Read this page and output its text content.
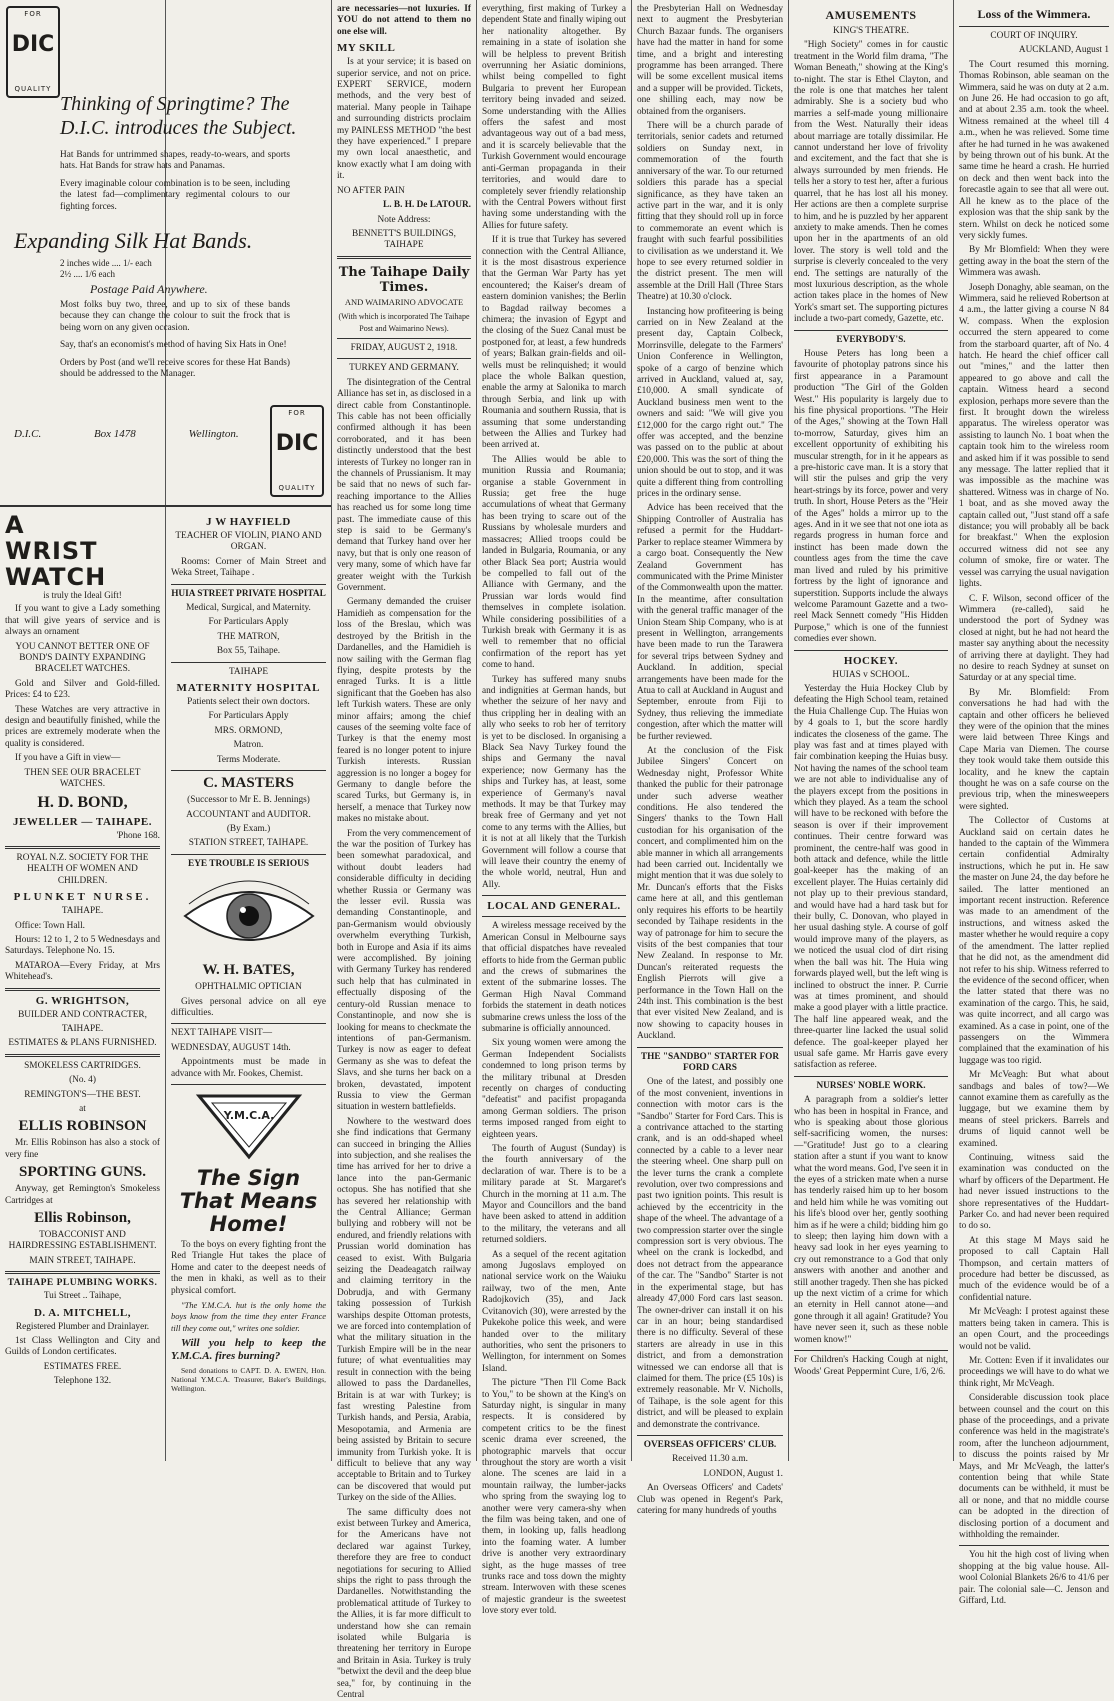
FOR
DIC
QUALITY
FOR
DIC
QUALITY
Thinking of Springtime? The D.I.C. introduces the Subject.

Hat Bands for untrimmed shapes, ready-to-wears, and sports hats. Hat Bands for straw hats and Panamas.

Every imaginable colour combination is to be seen, including the latest fad—complimentary regimental colours to our fighting forces.

Expanding Silk Hat Bands.
2 inches wide .... 1/- each
2½ .... 1/6 each
Postage Paid Anywhere.

Most folks buy two, three, and up to six of these bands because they can change the colour to suit the frock that is being worn on any given occasion.

Say, that's an economist's method of having Six Hats in One!

Orders by Post (and we'll receive scores for these Hat Bands) should be addressed to the Manager.

D.I.C.	Box 1478	Wellington.
A
WRIST
WATCH

is truly the Ideal Gift!

If you want to give a Lady something that will give years of service and is always an ornament

YOU CANNOT BETTER ONE OF BOND'S DAINTY EXPANDING BRACELET WATCHES.

Gold and Silver and Gold-filled. Prices: £4 to £23.

These Watches are very attractive in design and beautifully finished, while the prices are extremely moderate when the quality is considered.

If you have a Gift in view—

THEN SEE OUR BRACELET WATCHES.

H. D. BOND,
JEWELLER — TAIHAPE.

'Phone 168.

ROYAL N.Z. SOCIETY FOR THE HEALTH OF WOMEN AND CHILDREN.

PLUNKET NURSE.

TAIHAPE.

Office: Town Hall.

Hours: 12 to 1, 2 to 5 Wednesdays and Saturdays. Telephone No. 15.

MATAROA—Every Friday, at Mrs Whitehead's.

G. WRIGHTSON,

BUILDER AND CONTRACTER,

TAIHAPE.

ESTIMATES & PLANS FURNISHED.

SMOKELESS CARTRIDGES.

(No. 4)

REMINGTON'S—THE BEST.

at

ELLIS ROBINSON

Mr. Ellis Robinson has also a stock of very fine

SPORTING GUNS.

Anyway, get Remington's Smokeless Cartridges at

Ellis Robinson,

TOBACCONIST AND HAIRDRESSING ESTABLISHMENT.

MAIN STREET, TAIHAPE.

TAIHAPE PLUMBING WORKS.

Tui Street .. Taihape,

D. A. MITCHELL,

Registered Plumber and Drainlayer.

1st Class Wellington and City and Guilds of London certificates.

ESTIMATES FREE.

Telephone 132.

J W HAYFIELD

TEACHER OF VIOLIN, PIANO AND ORGAN.

Rooms: Corner of Main Street and Weka Street, Taihape .

HUIA STREET PRIVATE HOSPITAL

Medical, Surgical, and Maternity.

For Particulars Apply

THE MATRON,

Box 55, Taihape.

TAIHAPE

MATERNITY HOSPITAL

Patients select their own doctors.

For Particulars Apply

MRS. ORMOND,

Matron.

Terms Moderate.

C. MASTERS

(Successor to Mr E. B. Jennings)

ACCOUNTANT and AUDITOR.

(By Exam.)

STATION STREET, TAIHAPE.

EYE TROUBLE IS SERIOUS

W. H. BATES,

OPHTHALMIC OPTICIAN

Gives personal advice on all eye difficulties.

NEXT TAIHAPE VISIT—

WEDNESDAY, AUGUST 14th.

Appointments must be made in advance with Mr. Fookes, Chemist.

Y.M.C.A.
The Sign That Means Home!

To the boys on every fighting front the Red Triangle Hut takes the place of Home and cater to the deepest needs of the men in khaki, as well as to their physical comfort.

"The Y.M.C.A. hut is the only home the boys know from the time they enter France till they come out," writes one soldier.

Will you help to keep the Y.M.C.A. fires burning?

Send donations to CAPT. D. A. EWEN, Hon. National Y.M.C.A. Treasurer, Baker's Buildings, Wellington.

are necessaries—not luxuries. If YOU do not attend to them no one else will.

MY SKILL

Is at your service; it is based on superior service, and not on price. EXPERT SERVICE, modern methods, and the very best of material. Many people in Taihape and surrounding districts proclaim my PAINLESS METHOD "the best they have experienced." I prepare my own local anaesthetic, and know exactly what I am doing with it.

NO AFTER PAIN

L. B. H. De LATOUR.

Note Address:

BENNETT'S BUILDINGS, TAIHAPE

The Taihape Daily Times.

AND WAIMARINO ADVOCATE

(With which is incorporated The Taihape Post and Waimarino News).

FRIDAY, AUGUST 2, 1918.

TURKEY AND GERMANY.

The disintegration of the Central Alliance has set in, as disclosed in a direct cable from Constantinople. This cable has not been officially confirmed although it has been corroborated, and it has been distinctly understood that the best interests of Turkey no longer ran in the channels of Prussianism. It may be said that no news of such far-reaching importance to the Allies has reached us for some long time past. The immediate cause of this step is said to be Germany's demand that Turkey hand over her navy, but that is only one reason of very many, some of which have far greater weight with the Turkish Government.

Germany demanded the cruiser Hamidieh as compensation for the loss of the Breslau, which was destroyed by the British in the Dardanelles, and the Hamidieh is now sailing with the German flag flying, despite protests by the enraged Turks. It is a little significant that the Goeben has also left Turkish waters. These are only minor affairs; among the chief causes of the seeming volte face of Turkey is that the enemy most feared is no longer potent to injure Turkish interests. Russian aggression is no longer a bogey for Germany to dangle before the scared Turks, but Germany is, in herself, a menace that Turkey now makes no mistake about.

From the very commencement of the war the position of Turkey has been somewhat paradoxical, and without doubt leaders had considerable difficulty in deciding whether Russia or Germany was the lesser evil. Russia was demanding Constantinople, and pan-Germanism would obviously overwhelm everything Turkish, both in Europe and Asia if its aims were accomplished. By joining with Germany Turkey has rendered such help that has culminated in effectually disposing of the century-old Russian menace to Constantinople, and now she is looking for means to checkmate the intentions of pan-Germanism. Turkey is now as eager to defeat Germany as she was to defeat the Slavs, and she turns her back on a broken, devastated, impotent Russia to view the German situation in western battlefields.

Nowhere to the westward does she find indications that Germany can succeed in bringing the Allies into subjection, and she realises the time has arrived for her to drive a lance into the pan-Germanic octopus. She has notified that she has severed her relationship with the Central Alliance; German bullying and robbery will not be endured, and friendly relations with Prussian world domination has ceased to exist. With Bulgaria seizing the Deadeagatch railway and claiming territory in the Dobrudja, and with Germany taking possession of Turkish warships despite Ottoman protests, we are forced into contemplation of what the military situation in the Turkish Empire will be in the near future; of what eventualities may result in connection with the being allowed to pass the Dardanelles, Britain is at war with Turkey; is fast wresting Palestine from Turkish hands, and Persia, Arabia, Mesopotamia, and Armenia are being assisted by Britain to secure immunity from Turkish yoke. It is difficult to believe that any way acceptable to Britain and to Turkey can be discovered that would put Turkey on the side of the Allies.

The same difficulty does not exist between Turkey and America, for the Americans have not declared war against Turkey, therefore they are free to conduct negotiations for securing to Allied ships the right to pass through the Dardanelles. Notwithstanding the problematical attitude of Turkey to the Allies, it is far more difficult to understand how she can remain isolated while Bulgaria is threatening her territory in Europe and Britain in Asia. Turkey is truly "betwixt the devil and the deep blue sea," for, by continuing in the Central

everything, first making of Turkey a dependent State and finally wiping out her nationality altogether. By remaining in a state of isolation she will be helpless to prevent British overrunning her Asiatic dominions, whilst being compelled to fight Bulgaria to prevent her European territory being invaded and seized. Some understanding with the Allies offers the safest and most advantageous way out of a bad mess, and it is scarcely believable that the Turkish Government would encourage anti-German propaganda in their territories, and would dare to completely sever friendly relationship with the Central Powers without first having some understanding with the Allies for future safety.

If it is true that Turkey has severed connection with the Central Alliance, it is the most disastrous experience that the German War Party has yet encountered; the Kaiser's dream of eastern dominion vanishes; the Berlin to Bagdad railway becomes a chimera; the invasion of Egypt and the closing of the Suez Canal must be postponed for, at least, a few hundreds of years; Balkan grain-fields and oil-wells must be relinquished; it would place the whole Balkan question, enable the army at Salonika to march through Serbia, and link up with Roumania and southern Russia, that is assuming that some understanding between the Allies and Turkey had been arrived at.

The Allies would be able to munition Russia and Roumania; organise a stable Government in Russia; get free the huge accumulations of wheat that Germany has been trying to scare out of the Russians by wholesale murders and massacres; Allied troops could be landed in Bulgaria, Roumania, or any other Black Sea port; Austria would be compelled to fall out of the Alliance with Germany, and the Prussian war lords would find themselves in complete isolation. While considering possibilities of a Turkish break with Germany it is as well to remember that no official confirmation of the report has yet come to hand.

Turkey has suffered many snubs and indignities at German hands, but whether the seizure of her navy and thus crippling her in dealing with an ally who seeks to rob her of territory is yet to be disclosed. In organising a Black Sea Navy Turkey found the ships and Germany the naval experience; now Germany has the ships and Turkey has, at least, some experience of Germany's naval methods. It may be that Turkey may break free of Germany and yet not come to any terms with the Allies, but it is not at all likely that the Turkish Government will follow a course that will leave their country the enemy of the whole world, neutral, Hun and Ally.

LOCAL AND GENERAL.

A wireless message received by the American Consul in Melbourne says that official dispatches have revealed efforts to hide from the German public and the crews of submarines the extent of the submarine losses. The German High Naval Command forbids the statement in death notices submarine crews unless the loss of the submarine is officially announced.

Six young women were among the German Independent Socialists condemned to long prison terms by the military tribunal at Dresden recently on charges of conducting "defeatist" and pacifist propaganda among German soldiers. The prison terms imposed ranged from eight to eighteen years.

The fourth of August (Sunday) is the fourth anniversary of the declaration of war. There is to be a military parade at St. Margaret's Church in the morning at 11 a.m. The Mayor and Councillors and the band have been asked to attend in addition to the military, the veterans and all returned soldiers.

As a sequel of the recent agitation among Jugoslavs employed on national service work on the Waiuku railway, two of the men, Ante Radojkovich (35), and Jack Cvitanovich (30), were arrested by the Pukekohe police this week, and were handed over to the military authorities, who sent the prisoners to Wellington, for internment on Somes Island.

The picture "Then I'll Come Back to You," to be shown at the King's on Saturday night, is singular in many respects. It is considered by competent critics to be the finest scenic drama ever screened, the photographic marvels that occur throughout the story are worth a visit alone. The scenes are laid in a mountain railway, the lumber-jacks who spring from the swaying log to another were very camera-shy when the film was being taken, and one of them, in looking up, falls headlong into the foaming water. A lumber drive is another very extraordinary sight, as the huge masses of tree trunks race and toss down the mighty stream. Interwoven with these scenes of majestic grandeur is the sweetest love story ever told.

the Presbyterian Hall on Wednesday next to augment the Presbyterian Church Bazaar funds. The organisers have had the matter in hand for some time, and a bright and interesting programme has been arranged. There will be some excellent musical items and a supper will be provided. Tickets, one shilling each, may now be obtained from the organisers.

There will be a church parade of territorials, senior cadets and returned soldiers on Sunday next, in commemoration of the fourth anniversary of the war. To our returned soldiers this parade has a special significance, as they have taken an active part in the war, and it is only fitting that they should roll up in force to commemorate an event which is fraught with such fearful possibilities to civilisation as we understand it. We hope to see every returned soldier in the district present. The men will assemble at the Drill Hall (Three Stars Theatre) at 10.30 o'clock.

Instancing how profiteering is being carried on in New Zealand at the present day, Captain Colbeck, Morrinsville, delegate to the Farmers' Union Conference in Wellington, spoke of a cargo of benzine which arrived in Auckland, valued at, say, £10,000. A small syndicate of Auckland business men went to the owners and said: "We will give you £12,000 for the cargo right out." The offer was accepted, and the benzine was passed on to the public at about £20,000. This was the sort of thing the union should be out to stop, and it was quite a different thing from controlling prices in the ordinary sense.

Advice has been received that the Shipping Controller of Australia has refused a permit for the Huddart-Parker to replace steamer Wimmera by a cargo boat. Consequently the New Zealand Government has communicated with the Prime Minister of the Commonwealth upon the matter. In the meantime, after consultation with the general traffic manager of the Union Steam Ship Company, who is at present in Wellington, arrangements have been made to run the Tarawera for several trips between Sydney and Auckland. In addition, special arrangements have been made for the Atua to call at Auckland in August and September, enroute from Fiji to Sydney, thus relieving the immediate congestion, after which the matter will be further reviewed.

At the conclusion of the Fisk Jubilee Singers' Concert on Wednesday night, Professor White thanked the public for their patronage under such adverse weather conditions. He also tendered the Singers' thanks to the Town Hall custodian for his organisation of the concert, and complimented him on the able manner in which all arrangements had been carried out. Incidentally we might mention that it was due solely to Mr. Duncan's efforts that the Fisks came here at all, and this gentleman only requires his efforts to be heartily seconded by Taihape residents in the way of patronage for him to secure the visits of the best companies that tour New Zealand. In response to Mr. Duncan's reiterated requests the English Pierrots will give a performance in the Town Hall on the 24th inst. This combination is the best that ever visited New Zealand, and is now showing to capacity houses in Auckland.

THE "SANDBO" STARTER FOR FORD CARS

One of the latest, and possibly one of the most convenient, inventions in connection with motor cars is the "Sandbo" Starter for Ford Cars. This is a contrivance attached to the starting crank, and is an odd-shaped wheel connected by a cable to a lever near the steering wheel. One sharp pull on the lever turns the crank a complete revolution, over two compressions and past two ignition points. This result is achieved by the eccentricity in the shape of the wheel. The advantage of a two compression starter over the single compression sort is very obvious. The wheel on the crank is lockedbd, and does not detract from the appearance of the car. The "Sandbo" Starter is not in the experimental stage, but has already 47,000 Ford cars last season. The owner-driver can install it on his car in an hour; being standardised there is no difficulty. Several of these starters are already in use in this district, and from a demonstration witnessed we can endorse all that is claimed for them. The price (£5 10s) is extremely reasonable. Mr V. Nicholls, of Taihape, is the sole agent for this district, and will be pleased to explain and demonstrate the contrivance.

OVERSEAS OFFICERS' CLUB.

Received 11.30 a.m.

LONDON, August 1.

An Overseas Officers' and Cadets' Club was opened in Regent's Park, catering for many hundreds of youths

AMUSEMENTS

KING'S THEATRE.

"High Society" comes in for caustic treatment in the World film drama, "The Woman Beneath," showing at the King's to-night. The star is Ethel Clayton, and the role is one that matches her talent admirably. She is a society bud who marries a self-made young millionaire from the West. Naturally their ideas about marriage are totally dissimilar. He cannot understand her love of frivolity and excitement, and the fact that she is always surrounded by men friends. He tells her a story to test her, after a furious quarrel, that he has lost all his money. Her actions are then a complete surprise to him, and he is puzzled by her apparent anxiety to make amends. Then he comes upon her in the apartments of an old lover. The story is well told and the surprise is cleverly concealed to the very end. The settings are naturally of the most luxurious description, as the whole action takes place in the homes of New York's smart set. The supporting pictures include a two-part comedy, Gazette, etc.

EVERYBODY'S.

House Peters has long been a favourite of photoplay patrons since his first appearance in a Paramount production "The Girl of the Golden West." His popularity is largely due to his fine physical proportions. "The Heir of the Ages," showing at the Town Hall to-morrow, Saturday, gives him an excellent opportunity of exhibiting his muscular strength, for in it he appears as a pre-historic cave man. It is a story that will stir the pulses and grip the very heart-strings by its force, power and very truth. In short, House Peters as the "Heir of the Ages" holds a mirror up to the ages. And in it we see that not one iota as regards progress in human force and instinct has been made down the countless ages from the time the cave man lived and ruled by his primitive fortress by the light of ignorance and superstition. Supports include the always welcome Paramount Gazette and a two-reel Mack Sennett comedy "His Hidden Purpose," which is one of the funniest comedies ever shown.

HOCKEY.

HUIAS v SCHOOL.

Yesterday the Huia Hockey Club by defeating the High School team, retained the Huia Challenge Cup. The Huias won by 4 goals to 1, but the score hardly indicates the closeness of the game. The play was fast and at times played with fair combination keeping the Huias busy. Not having the names of the school team we are not able to individualise any of the players except from the positions in which they played. As a team the school will have to be reckoned with before the season is over if their improvement continues. Their centre forward was prominent, the centre-half was good in both attack and defence, while the little goal-keeper has the making of an excellent player. The Huias certainly did not play up to their previous standard, and would have had a hard task but for their bully, C. Donovan, who played in her usual dashing style. A course of golf would improve many of the players, as we noticed the usual clod of dirt rising when the ball was hit. The Huia wing forwards played well, but the left wing is inclined to obstruct the inner. P. Currie was at times prominent, and should make a good player with a little practice. The half line appeared weak, and the three-quarter line lacked the usual solid defence. The goal-keeper played her usual safe game. Mr Harris gave every satisfaction as referee.

NURSES' NOBLE WORK.

A paragraph from a soldier's letter who has been in hospital in France, and who is speaking about those glorious self-sacrificing women, the nurses:—"Gratitude! Just go to a clearing station after a stunt if you want to know what the word means. God, I've seen it in the eyes of a stricken mate when a nurse has tenderly raised him up to her bosom and held him while he was vomiting out his life's blood over her, gently soothing him as if he were a child; bidding him go to sleep; then laying him down with a heavy sad look in her eyes yearning to cry out remonstrance to a God that only answers with another and another and still another tragedy. Then she has picked up the next victim of a crime for which an eternity in Hell cannot atone—and gone through it all again! Gratitude? You have never seen it, such as these noble women know!"

For Children's Hacking Cough at night, Woods' Great Peppermint Cure, 1/6, 2/6.

Loss of the Wimmera.

COURT OF INQUIRY.

AUCKLAND, August 1

The Court resumed this morning. Thomas Robinson, able seaman on the Wimmera, said he was on duty at 2 a.m. on June 26. He had occasion to go aft, and at about 2.35 a.m. took the wheel. Witness remained at the wheel till 4 a.m., when he was relieved. Some time after he had turned in he was awakened by being thrown out of his bunk. At the same time he heard a crash. He hurried on deck and then went back into the forecastle again to see that all were out. All he knew as to the place of the explosion was that the ship sank by the stern. Whilst on deck he noticed some very sickly fumes.

By Mr Blomfield: When they were getting away in the boat the stern of the Wimmera was awash.

Joseph Donaghy, able seaman, on the Wimmera, said he relieved Robertson at 4 a.m., the latter giving a course N 84 W. compass. When the explosion occurred the stern appeared to come from the starboard quarter, aft of No. 4 hatch. He heard the chief officer call out "mines," and the latter then appeared to go above and call the captain. Witness heard a second explosion, perhaps more severe than the first. It brought down the wireless apparatus. The wireless operator was assisting to launch No. 1 boat when the captain took him to the wireless room and asked him if it was possible to send any message. The latter replied that it was impossible as the machine was shattered. Witness was in charge of No. 1 boat, and as she moved away the captain called out, "Just stand off a safe distance; you will probably all be back for breakfast." When the explosion occurred witness did not see any column of smoke, fire or water. The vessel was carrying the usual navigation lights.

C. F. Wilson, second officer of the Wimmera (re-called), said he understood the port of Sydney was closed at night, but he had not heard the master say anything about the necessity of arriving there at daylight. They had no desire to reach Sydney at sunset on Saturday or at any special time.

By Mr. Blomfield: From conversations he had had with the captain and other officers he believed they were of the opinion that the mines were laid between Three Kings and Cape Maria van Diemen. The course they took would take them outside this locality, and he knew the captain thought he was on a safe course on the previous trip, when the minesweepers were sighted.

The Collector of Customs at Auckland said on certain dates he handed to the captain of the Wimmera certain confidential Admiralty instructions, which he put in. He saw the master on June 24, the day before he sailed. The latter mentioned an important recent instruction. Reference was made to an amendment of the instructions, and witness asked the master whether he would require a copy of the amendment. The latter replied that he did not, as the amendment did not refer to his ship. Witness referred to the evidence of the second officer, when the latter stated that there was no examination of the cargo. This, he said, was quite incorrect, and all cargo was examined. As a case in point, one of the passengers on the Wimmera complained that the examination of his luggage was too rigid.

Mr McVeagh: But what about sandbags and bales of tow?—We cannot examine them as carefully as the luggage, but we examine them by means of steel prickers. Barrels and drums of liquid cannot well be examined.

Continuing, witness said the examination was conducted on the wharf by officers of the Department. He had never issued instructions to the shore representatives of the Huddart-Parker Co. and had never been required to do so.

At this stage M Mays said he proposed to call Captain Hall Thompson, and certain matters of procedure had better be discussed, as much of the evidence would be of a confidential nature.

Mr McVeagh: I protest against these matters being taken in camera. This is an open Court, and the proceedings would not be valid.

Mr. Cotten: Even if it invalidates our proceedings we will have to do what we think right, Mr McVeagh.

Considerable discussion took place between counsel and the court on this phase of the proceedings, and a private conference was held in the magistrate's room, after the luncheon adjournment, to discuss the points raised by Mr Mays, and Mr McVeagh, the latter's contention being that while State documents can be withheld, it must be all or none, and that no middle course can be adopted in the direction of disclosing portion of a document and withholding the remainder.

You hit the high cost of living when shopping at the big value house. All-wool Colonial Blankets 26/6 to 41/6 per pair. The colonial sale—C. Jenson and Giffard, Ltd.
